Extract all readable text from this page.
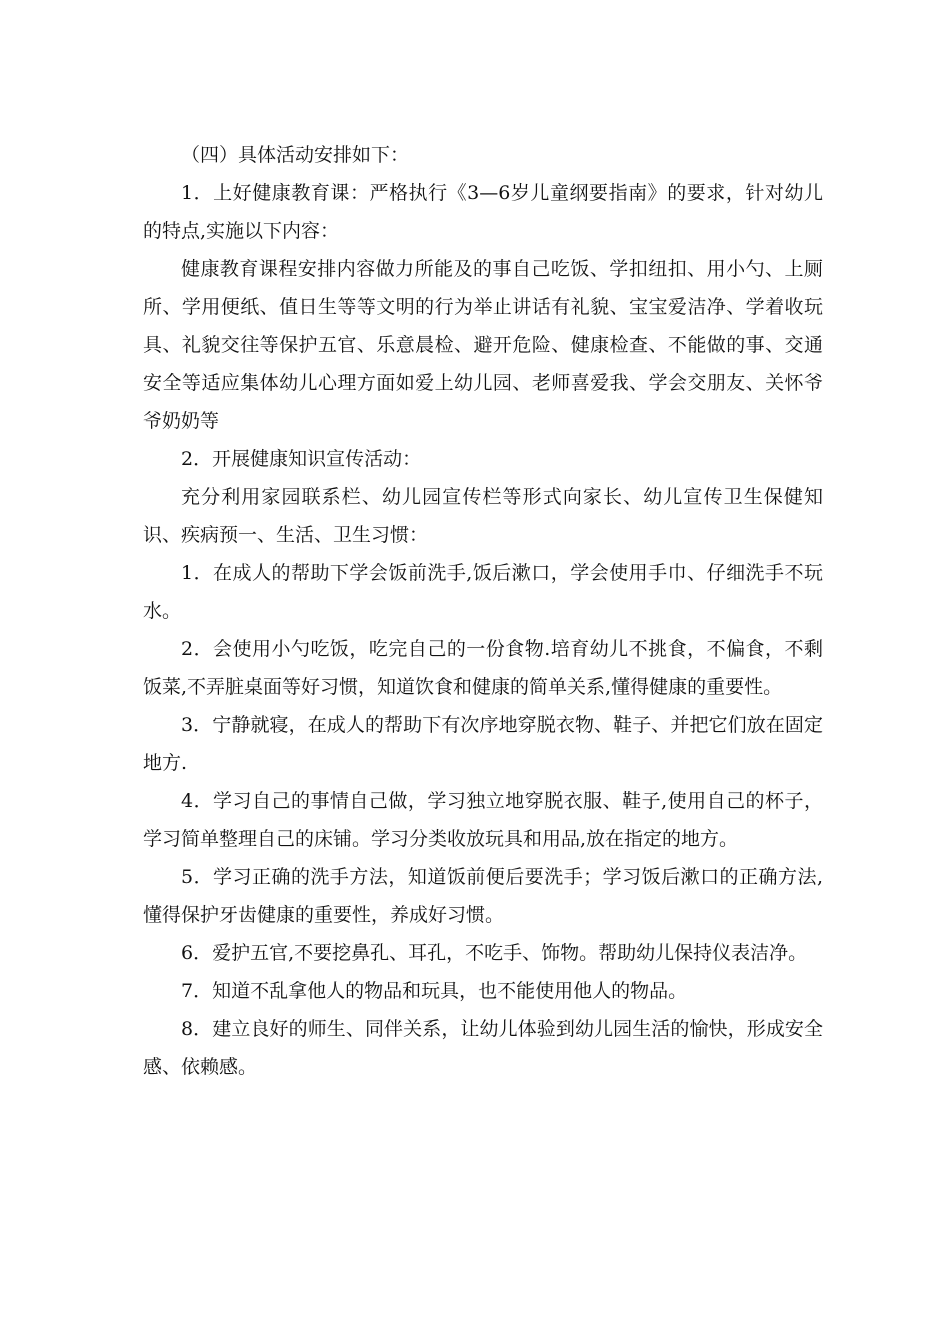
（四）具体活动安排如下：

1．上好健康教育课：严格执行《3—6岁儿童纲要指南》的要求，针对幼儿的特点,实施以下内容：

健康教育课程安排内容做力所能及的事自己吃饭、学扣纽扣、用小勺、上厕所、学用便纸、值日生等等文明的行为举止讲话有礼貌、宝宝爱洁净、学着收玩具、礼貌交往等保护五官、乐意晨检、避开危险、健康检查、不能做的事、交通安全等适应集体幼儿心理方面如爱上幼儿园、老师喜爱我、学会交朋友、关怀爷爷奶奶等

2．开展健康知识宣传活动：

充分利用家园联系栏、幼儿园宣传栏等形式向家长、幼儿宣传卫生保健知识、疾病预一、生活、卫生习惯：

1．在成人的帮助下学会饭前洗手,饭后漱口，学会使用手巾、仔细洗手不玩水。

2．会使用小勺吃饭，吃完自己的一份食物.培育幼儿不挑食，不偏食，不剩饭菜,不弄脏桌面等好习惯，知道饮食和健康的简单关系,懂得健康的重要性。

3．宁静就寝，在成人的帮助下有次序地穿脱衣物、鞋子、并把它们放在固定地方.

4．学习自己的事情自己做，学习独立地穿脱衣服、鞋子,使用自己的杯子，学习简单整理自己的床铺。学习分类收放玩具和用品,放在指定的地方。

5．学习正确的洗手方法，知道饭前便后要洗手；学习饭后漱口的正确方法,懂得保护牙齿健康的重要性，养成好习惯。

6．爱护五官,不要挖鼻孔、耳孔，不吃手、饰物。帮助幼儿保持仪表洁净。

7．知道不乱拿他人的物品和玩具，也不能使用他人的物品。

8．建立良好的师生、同伴关系，让幼儿体验到幼儿园生活的愉快，形成安全感、依赖感。
